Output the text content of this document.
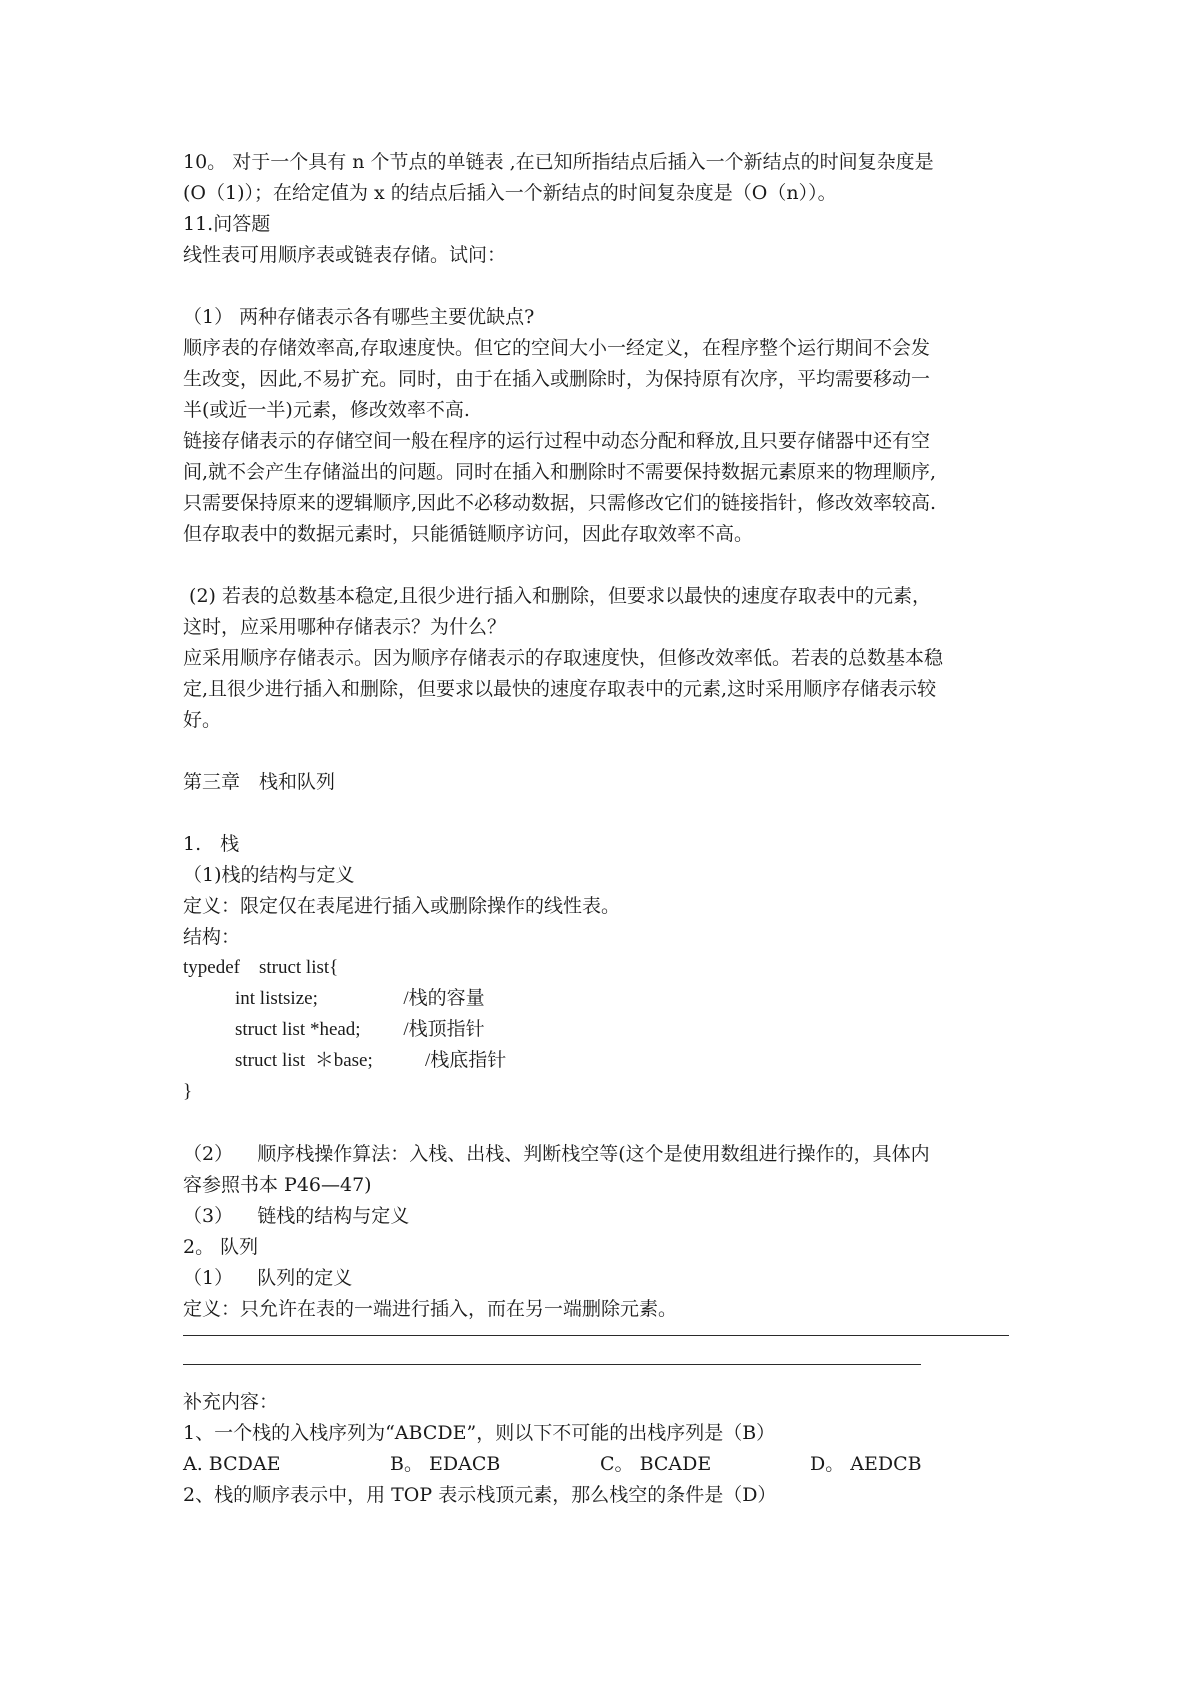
10。 对于一个具有 n 个节点的单链表 ,在已知所指结点后插入一个新结点的时间复杂度是
(O（1)）；在给定值为 x 的结点后插入一个新结点的时间复杂度是（O（n））。
11.问答题
线性表可用顺序表或链表存储。试问：
（1） 两种存储表示各有哪些主要优缺点?
顺序表的存储效率高,存取速度快。但它的空间大小一经定义，在程序整个运行期间不会发
生改变，因此,不易扩充。同时，由于在插入或删除时，为保持原有次序，平均需要移动一
半(或近一半)元素，修改效率不高.
链接存储表示的存储空间一般在程序的运行过程中动态分配和释放,且只要存储器中还有空
间,就不会产生存储溢出的问题。同时在插入和删除时不需要保持数据元素原来的物理顺序,
只需要保持原来的逻辑顺序,因此不必移动数据，只需修改它们的链接指针，修改效率较高.
但存取表中的数据元素时，只能循链顺序访问，因此存取效率不高。
(2) 若表的总数基本稳定,且很少进行插入和删除，但要求以最快的速度存取表中的元素，
这时，应采用哪种存储表示？为什么？
应采用顺序存储表示。因为顺序存储表示的存取速度快，但修改效率低。若表的总数基本稳
定,且很少进行插入和删除，但要求以最快的速度存取表中的元素,这时采用顺序存储表示较
好。
第三章　栈和队列
1.　栈
（1)栈的结构与定义
定义：限定仅在表尾进行插入或删除操作的线性表。
结构：
typedef    struct list{
int listsize;                  /栈的容量
struct list *head;         /栈顶指针
struct list  ＊base;           /栈底指针
}
（2）    顺序栈操作算法：入栈、出栈、判断栈空等(这个是使用数组进行操作的，具体内
容参照书本 P46—47)
（3）    链栈的结构与定义
2。 队列
（1）    队列的定义
定义：只允许在表的一端进行插入，而在另一端删除元素。
补充内容：
1、一个栈的入栈序列为“ABCDE”，则以下不可能的出栈序列是（B）
A. BCDAE	B。 EDACB	C。 BCADE	D。 AEDCB
2、栈的顺序表示中，用 TOP 表示栈顶元素，那么栈空的条件是（D）
